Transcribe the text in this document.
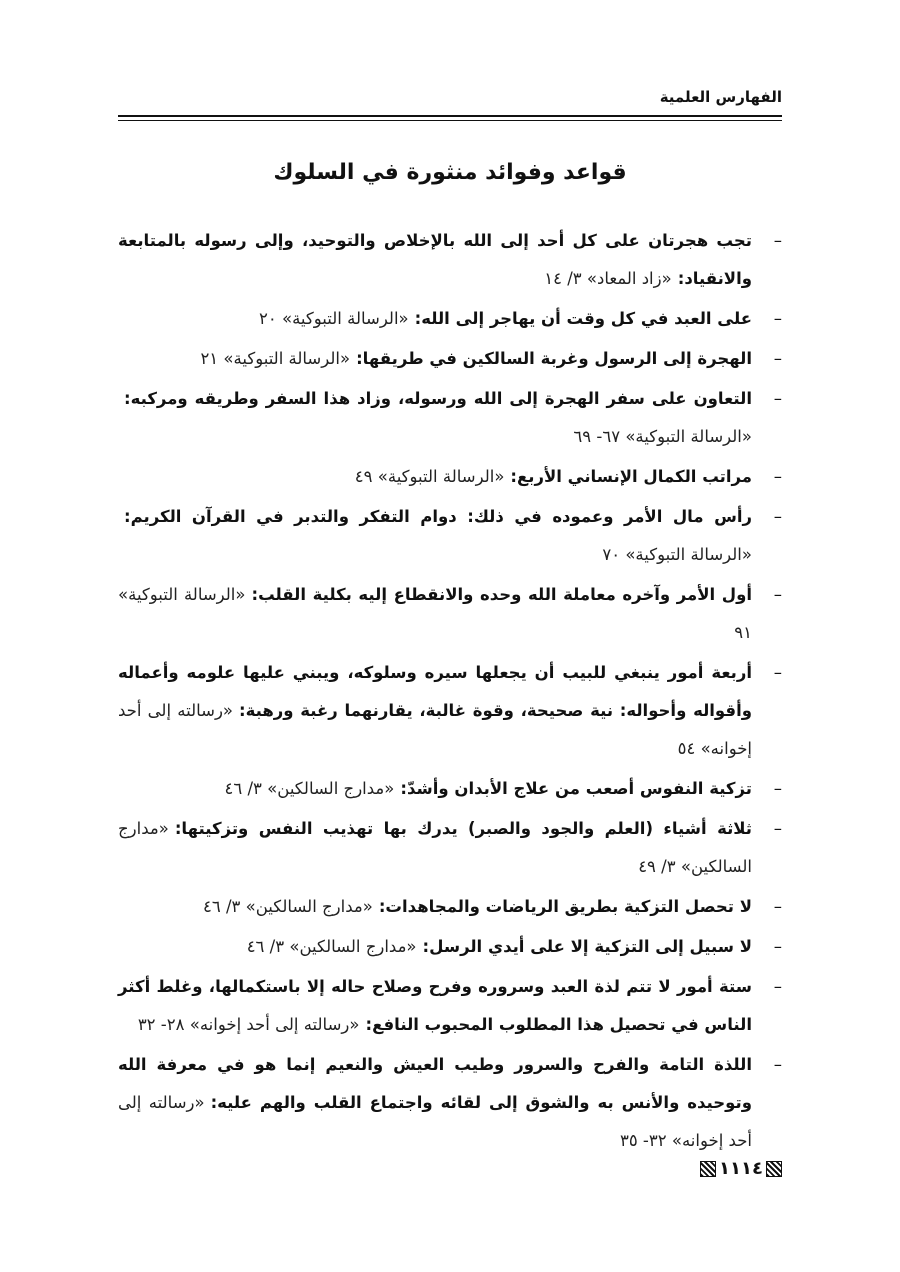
الفهارس العلمية
قواعد وفوائد منثورة في السلوك
–
تجب هجرتان على كل أحد إلى الله بالإخلاص والتوحيد، وإلى رسوله بالمتابعة والانقياد:«زاد المعاد» ٣/ ١٤
–
على العبد في كل وقت أن يهاجر إلى الله:«الرسالة التبوكية» ٢٠
–
الهجرة إلى الرسول وغربة السالكين في طريقها:«الرسالة التبوكية» ٢١
–
التعاون على سفر الهجرة إلى الله ورسوله، وزاد هذا السفر وطريقه ومركبه:«الرسالة التبوكية» ٦٧- ٦٩
–
مراتب الكمال الإنساني الأربع:«الرسالة التبوكية» ٤٩
–
رأس مال الأمر وعموده في ذلك: دوام التفكر والتدبر في القرآن الكريم:«الرسالة التبوكية» ٧٠
–
أول الأمر وآخره معاملة الله وحده والانقطاع إليه بكلية القلب:«الرسالة التبوكية» ٩١
–
أربعة أمور ينبغي للبيب أن يجعلها سيره وسلوكه، ويبني عليها علومه وأعماله وأقواله وأحواله: نية صحيحة، وقوة غالبة، يقارنهما رغبة ورهبة:«رسالته إلى أحد إخوانه» ٥٤
–
تزكية النفوس أصعب من علاج الأبدان وأشدّ:«مدارج السالكين» ٣/ ٤٦
–
ثلاثة أشياء (العلم والجود والصبر) يدرك بها تهذيب النفس وتزكيتها:«مدارج السالكين» ٣/ ٤٩
–
لا تحصل التزكية بطريق الرياضات والمجاهدات:«مدارج السالكين» ٣/ ٤٦
–
لا سبيل إلى التزكية إلا على أيدي الرسل:«مدارج السالكين» ٣/ ٤٦
–
ستة أمور لا تتم لذة العبد وسروره وفرح وصلاح حاله إلا باستكمالها، وغلط أكثر الناس في تحصيل هذا المطلوب المحبوب النافع:«رسالته إلى أحد إخوانه» ٢٨- ٣٢
–
اللذة التامة والفرح والسرور وطيب العيش والنعيم إنما هو في معرفة الله وتوحيده والأنس به والشوق إلى لقائه واجتماع القلب والهم عليه:«رسالته إلى أحد إخوانه» ٣٢- ٣٥
١١١٤
